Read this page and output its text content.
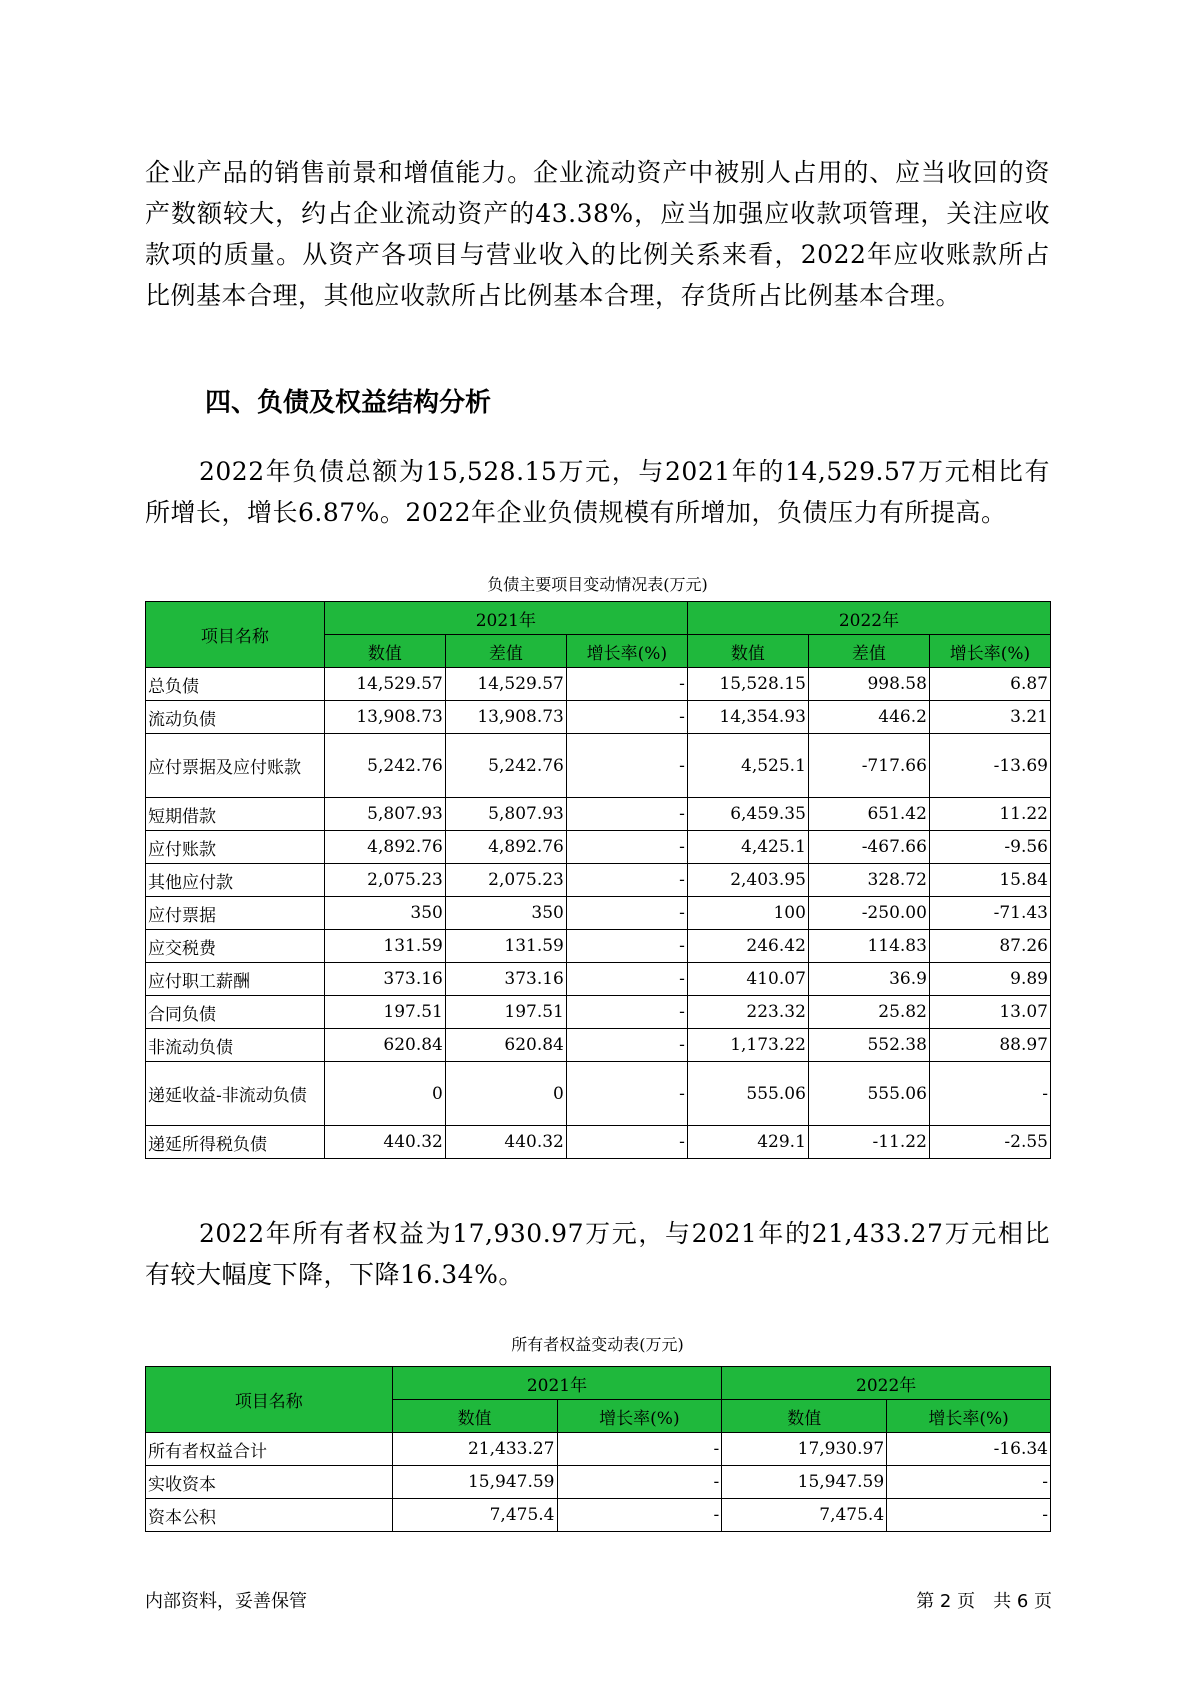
企业产品的销售前景和增值能力。企业流动资产中被别人占用的、应当收回的资产数额较大，约占企业流动资产的43.38%，应当加强应收款项管理，关注应收款项的质量。从资产各项目与营业收入的比例关系来看，2022年应收账款所占比例基本合理，其他应收款所占比例基本合理，存货所占比例基本合理。
四、负债及权益结构分析
2022年负债总额为15,528.15万元，与2021年的14,529.57万元相比有所增长，增长6.87%。2022年企业负债规模有所增加，负债压力有所提高。
负债主要项目变动情况表(万元)
项目名称	2021年			2022年		
	数值	差值	增长率(%)	数值	差值	增长率(%)
总负债	14,529.57	14,529.57	-	15,528.15	998.58	6.87
流动负债	13,908.73	13,908.73	-	14,354.93	446.2	3.21
应付票据及应付账款	5,242.76	5,242.76	-	4,525.1	-717.66	-13.69
短期借款	5,807.93	5,807.93	-	6,459.35	651.42	11.22
应付账款	4,892.76	4,892.76	-	4,425.1	-467.66	-9.56
其他应付款	2,075.23	2,075.23	-	2,403.95	328.72	15.84
应付票据	350	350	-	100	-250.00	-71.43
应交税费	131.59	131.59	-	246.42	114.83	87.26
应付职工薪酬	373.16	373.16	-	410.07	36.9	9.89
合同负债	197.51	197.51	-	223.32	25.82	13.07
非流动负债	620.84	620.84	-	1,173.22	552.38	88.97
递延收益-非流动负债	0	0	-	555.06	555.06	-
递延所得税负债	440.32	440.32	-	429.1	-11.22	-2.55
2022年所有者权益为17,930.97万元，与2021年的21,433.27万元相比有较大幅度下降，下降16.34%。
所有者权益变动表(万元)
项目名称	2021年		2022年	
	数值	增长率(%)	数值	增长率(%)
所有者权益合计	21,433.27	-	17,930.97	-16.34
实收资本	15,947.59	-	15,947.59	-
资本公积	7,475.4	-	7,475.4	-
内部资料，妥善保管	第 2 页　共 6 页
